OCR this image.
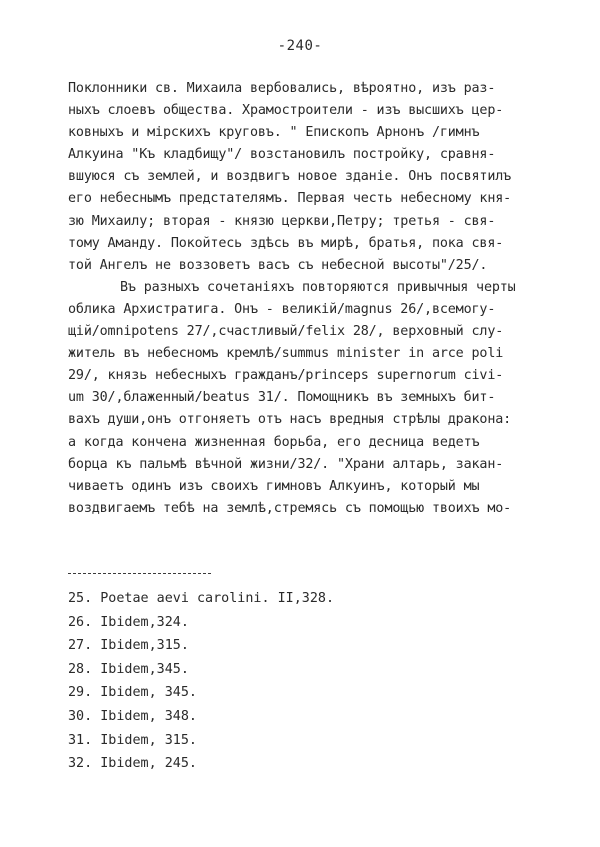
-240-
Поклонники св. Михаила вербовались, вѣроятно, изъ раз-
ныхъ слоевъ общества. Храмостроители - изъ высшихъ цер-
ковныхъ и мірскихъ круговъ. " Епископъ Арнонъ /гимнъ
Алкуина "Къ кладбищу"/ возстановилъ постройку, сравня-
вшуюся съ землей, и воздвигъ новое зданіе. Онъ посвятилъ
его небеснымъ предстателямъ. Первая честь небесному кня-
зю Михаилу; вторая - князю церкви,Петру; третья - свя-
тому Аманду. Покойтесь здѣсь въ мирѣ, братья, пока свя-
той Ангелъ не воззоветъ васъ съ небесной высоты"/25/.
Въ разныхъ сочетаніяхъ повторяются привычныя черты
облика Архистратига. Онъ - великій/magnus 26/,всемогу-
щій/omnipotens 27/,счастливый/felix 28/, верховный слу-
житель въ небесномъ кремлѣ/summus minister in arce poli
29/, князь небесныхъ гражданъ/princeps supernorum civi-
um 30/,блаженный/beatus 31/. Помощникъ въ земныхъ бит-
вахъ души,онъ отгоняетъ отъ насъ вредныя стрѣлы дракона:
а когда кончена жизненная борьба, его десница ведетъ
борца къ пальмѣ вѣчной жизни/32/. "Храни алтарь, закан-
чиваетъ одинъ изъ своихъ гимновъ Алкуинъ, который мы
воздвигаемъ тебѣ на землѣ,стремясь съ помощью твоихъ мо-
25. Poetae aevi carolini. II,328.
26. Ibidem,324.
27. Ibidem,315.
28. Ibidem,345.
29. Ibidem, 345.
30. Ibidem, 348.
31. Ibidem, 315.
32. Ibidem, 245.
